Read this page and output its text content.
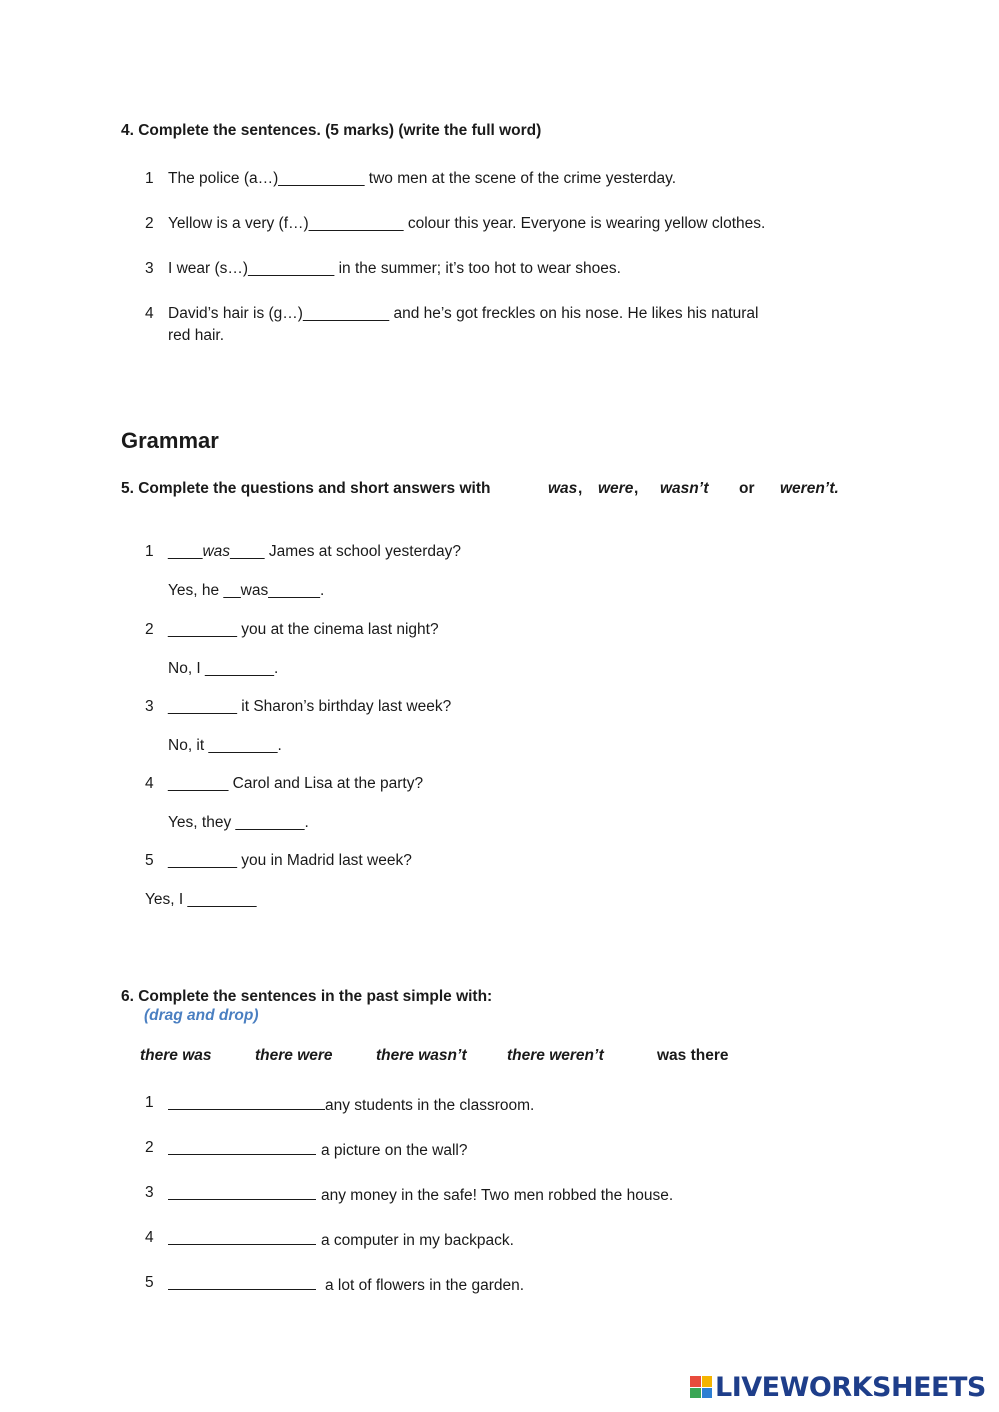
4. Complete the sentences. (5 marks) (write the full word)
1 The police (a…)__________ two men at the scene of the crime yesterday.
2 Yellow is a very (f…)___________ colour this year. Everyone is wearing yellow clothes.
3 I wear (s…)__________ in the summer; it’s too hot to wear shoes.
4 David’s hair is (g…)__________ and he’s got freckles on his nose. He likes his natural
red hair.
Grammar
5. Complete the questions and short answers with	was , were , wasn’t or weren’t.
1 ____was____ James at school yesterday?
Yes, he __was______.
2 ________ you at the cinema last night?
No, I ________.
3 ________ it Sharon’s birthday last week?
No, it ________.
4 _______ Carol and Lisa at the party?
Yes, they ________.
5 ________ you in Madrid last week?
Yes, I ________
6. Complete the sentences in the past simple with:
(drag and drop)
there was	there were	there wasn’t	there weren’t	was there
1	any students in the classroom.
2	a picture on the wall?
3	any money in the safe! Two men robbed the house.
4	a computer in my backpack.
5	a lot of flowers in the garden.
LIVEWORKSHEETS
